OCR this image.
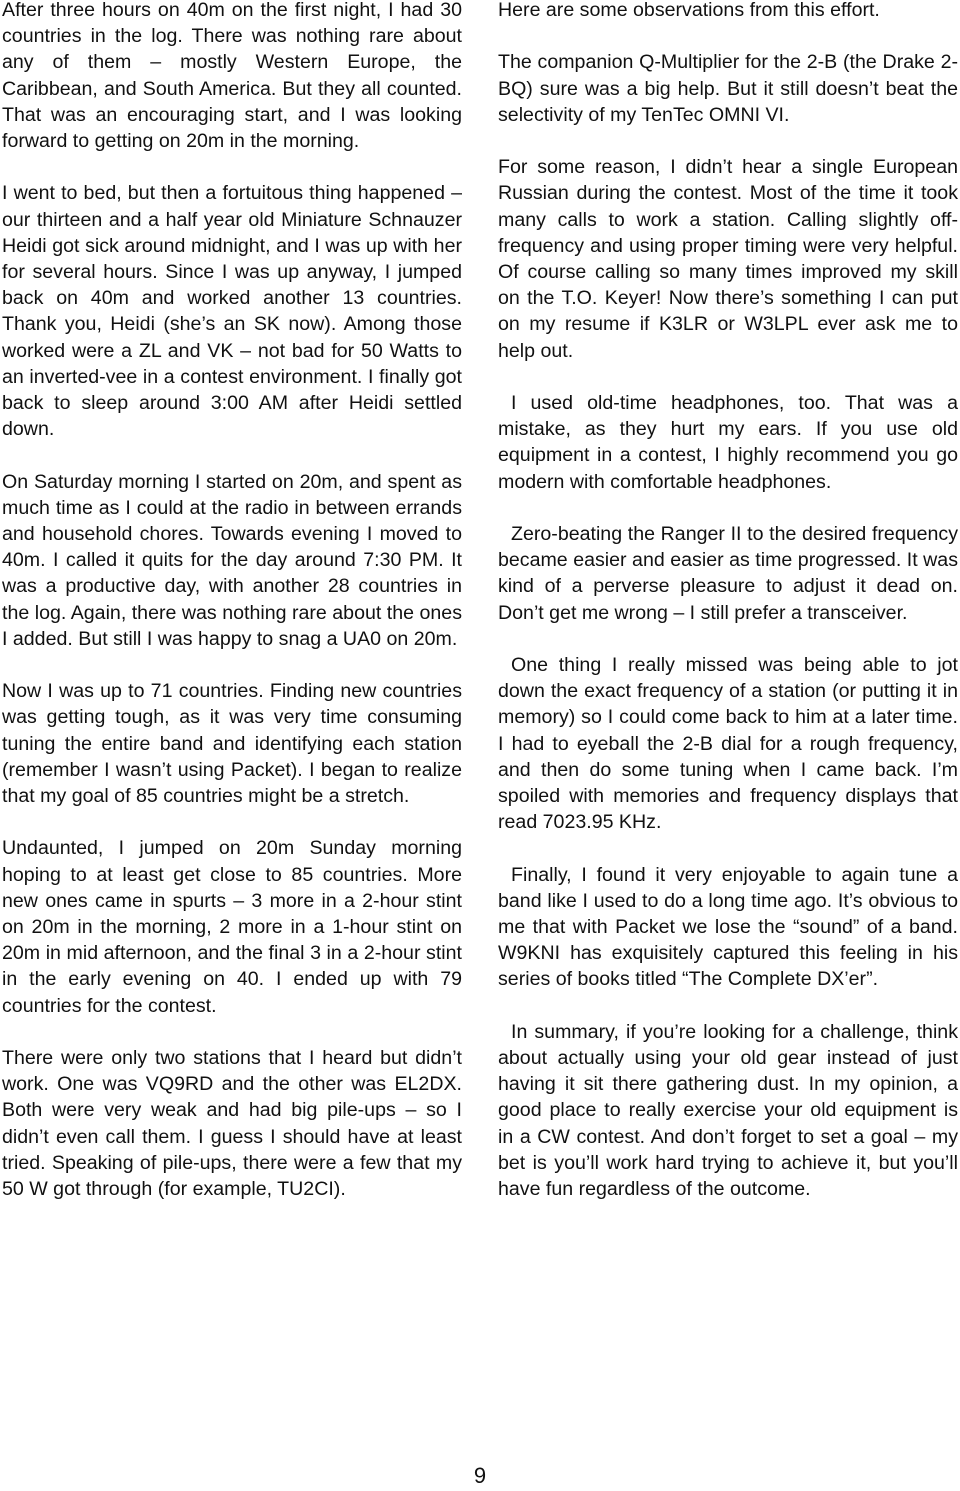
After three hours on 40m on the first night, I had 30 countries in the log. There was nothing rare about any of them – mostly Western Europe, the Caribbean, and South America. But they all counted. That was an encouraging start, and I was looking forward to getting on 20m in the morning.

I went to bed, but then a fortuitous thing happened – our thirteen and a half year old Miniature Schnauzer Heidi got sick around midnight, and I was up with her for several hours. Since I was up anyway, I jumped back on 40m and worked another 13 countries. Thank you, Heidi (she’s an SK now). Among those worked were a ZL and VK – not bad for 50 Watts to an inverted-vee in a contest environment. I finally got back to sleep around 3:00 AM after Heidi settled down.

On Saturday morning I started on 20m, and spent as much time as I could at the radio in between errands and household chores. Towards evening I moved to 40m. I called it quits for the day around 7:30 PM. It was a productive day, with another 28 countries in the log. Again, there was nothing rare about the ones I added. But still I was happy to snag a UA0 on 20m.

Now I was up to 71 countries. Finding new countries was getting tough, as it was very time consuming tuning the entire band and identifying each station (remember I wasn’t using Packet). I began to realize that my goal of 85 countries might be a stretch.

Undaunted, I jumped on 20m Sunday morning hoping to at least get close to 85 countries. More new ones came in spurts – 3 more in a 2-hour stint on 20m in the morning, 2 more in a 1-hour stint on 20m in mid afternoon, and the final 3 in a 2-hour stint in the early evening on 40. I ended up with 79 countries for the contest.

There were only two stations that I heard but didn’t work. One was VQ9RD and the other was EL2DX. Both were very weak and had big pile-ups – so I didn’t even call them. I guess I should have at least tried. Speaking of pile-ups, there were a few that my 50 W got through (for example, TU2CI).

Here are some observations from this effort.

The companion Q-Multiplier for the 2-B (the Drake 2-BQ) sure was a big help. But it still doesn’t beat the selectivity of my TenTec OMNI VI.

For some reason, I didn’t hear a single European Russian during the contest. Most of the time it took many calls to work a station. Calling slightly off-frequency and using proper timing were very helpful. Of course calling so many times improved my skill on the T.O. Keyer! Now there’s something I can put on my resume if K3LR or W3LPL ever ask me to help out.

I used old-time headphones, too. That was a mistake, as they hurt my ears. If you use old equipment in a contest, I highly recommend you go modern with comfortable headphones.

Zero-beating the Ranger II to the desired frequency became easier and easier as time progressed. It was kind of a perverse pleasure to adjust it dead on. Don’t get me wrong – I still prefer a transceiver.

One thing I really missed was being able to jot down the exact frequency of a station (or putting it in memory) so I could come back to him at a later time. I had to eyeball the 2-B dial for a rough frequency, and then do some tuning when I came back. I’m spoiled with memories and frequency displays that read 7023.95 KHz.

Finally, I found it very enjoyable to again tune a band like I used to do a long time ago. It’s obvious to me that with Packet we lose the “sound” of a band. W9KNI has exquisitely captured this feeling in his series of books titled “The Complete DX’er”.

In summary, if you’re looking for a challenge, think about actually using your old gear instead of just having it sit there gathering dust. In my opinion, a good place to really exercise your old equipment is in a CW contest. And don’t forget to set a goal – my bet is you’ll work hard trying to achieve it, but you’ll have fun regardless of the outcome.

9
